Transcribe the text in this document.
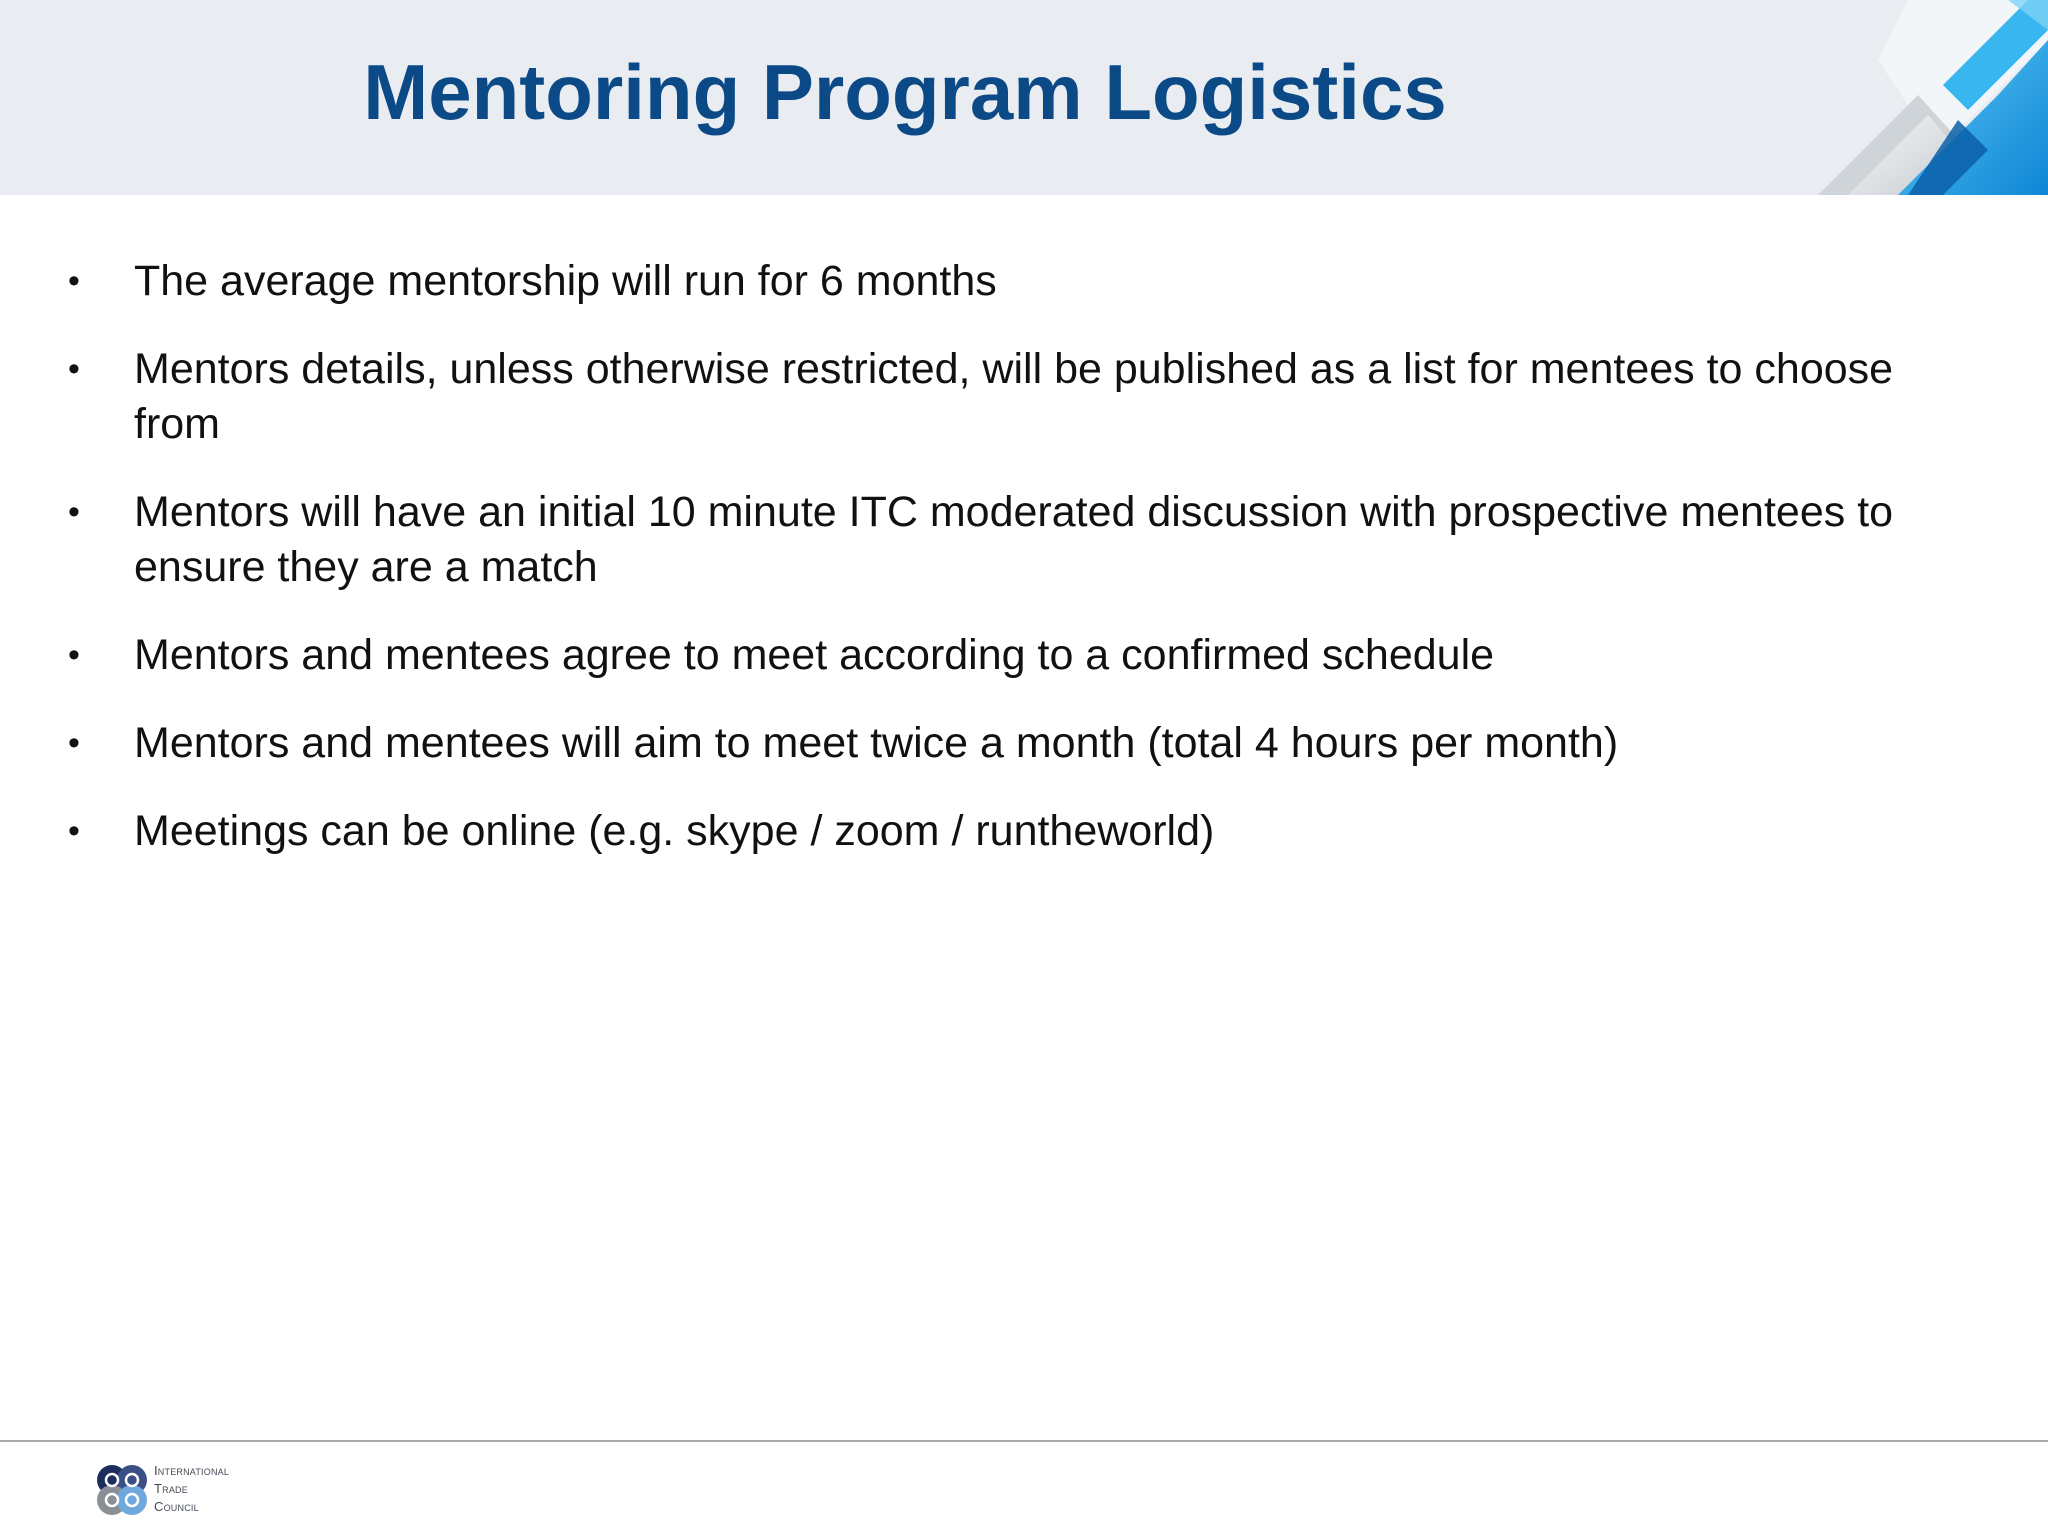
Mentoring Program Logistics
• The average mentorship will run for 6 months
• Mentors details, unless otherwise restricted, will be published as a list for mentees to choose from
• Mentors will have an initial 10 minute ITC moderated discussion with prospective mentees to ensure they are a match
• Mentors and mentees agree to meet according to a confirmed schedule
• Mentors and mentees will aim to meet twice a month (total 4 hours per month)
• Meetings can be online (e.g. skype / zoom / runtheworld)
International
Trade
Council
